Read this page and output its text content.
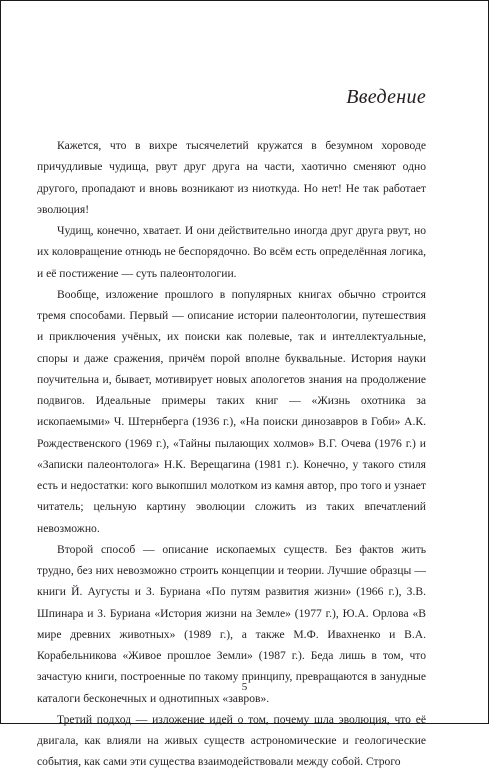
Введение

Кажется, что в вихре тысячелетий кружатся в безумном хороводе причудливые чудища, рвут друг друга на части, хаотично сменяют одно другого, пропадают и вновь возникают из ниоткуда. Но нет! Не так работает эволюция!

Чудищ, конечно, хватает. И они действительно иногда друг друга рвут, но их коловращение отнюдь не беспорядочно. Во всём есть определённая логика, и её постижение — суть палеонтологии.

Вообще, изложение прошлого в популярных книгах обычно строится тремя способами. Первый — описание истории палеонтологии, путешествия и приключения учёных, их поиски как полевые, так и интеллектуальные, споры и даже сражения, причём порой вполне буквальные. История науки поучительна и, бывает, мотивирует новых апологетов знания на продолжение подвигов. Идеальные примеры таких книг — «Жизнь охотника за ископаемыми» Ч. Штернберга (1936 г.), «На поиски динозавров в Гоби» А.К. Рождественского (1969 г.), «Тайны пылающих холмов» В.Г. Очева (1976 г.) и «Записки палеонтолога» Н.К. Верещагина (1981 г.). Конечно, у такого стиля есть и недостатки: кого выкопшил молотком из камня автор, про того и узнает читатель; цельную картину эволюции сложить из таких впечатлений невозможно.

Второй способ — описание ископаемых существ. Без фактов жить трудно, без них невозможно строить концепции и теории. Лучшие образцы — книги Й. Аугусты и З. Буриана «По путям развития жизни» (1966 г.), З.В. Шпинара и З. Буриана «История жизни на Земле» (1977 г.), Ю.А. Орлова «В мире древних животных» (1989 г.), а также М.Ф. Ивахненко и В.А. Корабельникова «Живое прошлое Земли» (1987 г.). Беда лишь в том, что зачастую книги, построенные по такому принципу, превращаются в занудные каталоги бесконечных и однотипных «завров».

Третий подход — изложение идей о том, почему шла эволюция, что её двигала, как влияли на живых существ астрономические и геологические события, как сами эти существа взаимодействовали между собой. Строго

5
